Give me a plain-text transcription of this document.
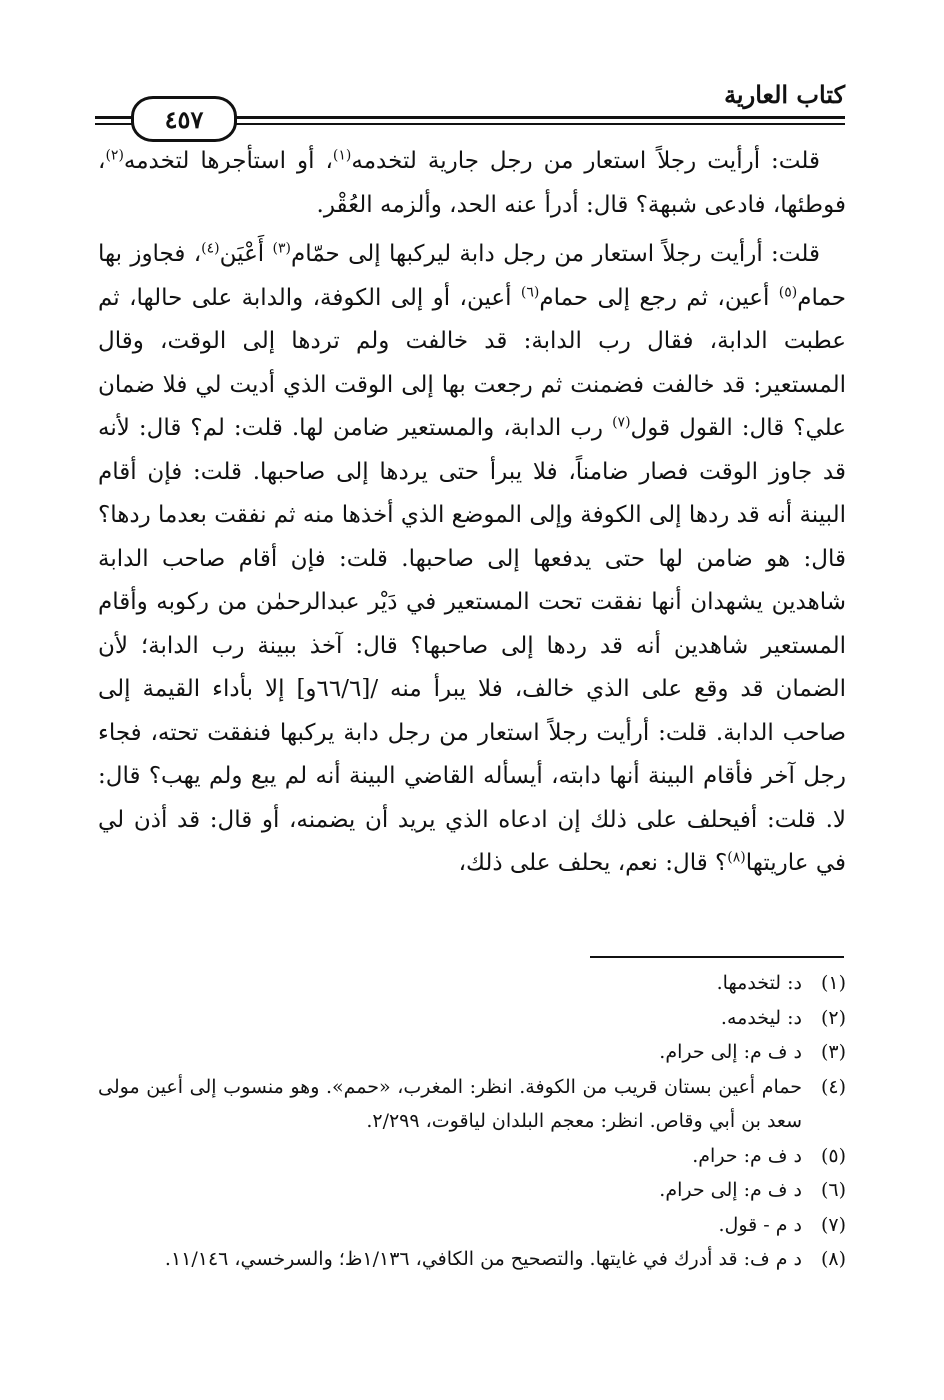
كتاب العارية
٤٥٧

قلت: أرأيت رجلاً استعار من رجل جارية لتخدمه$^{(١)}$، أو استأجرها لتخدمه$^{(٢)}$، فوطئها، فادعى شبهة؟ قال: أدرأ عنه الحد، وألزمه العُقْر.

قلت: أرأيت رجلاً استعار من رجل دابة ليركبها إلى حمّام$^{(٣)}$ أَعْيَن$^{(٤)}$، فجاوز بها حمام$^{(٥)}$ أعين، ثم رجع إلى حمام$^{(٦)}$ أعين، أو إلى الكوفة، والدابة على حالها، ثم عطبت الدابة، فقال رب الدابة: قد خالفت ولم تردها إلى الوقت، وقال المستعير: قد خالفت فضمنت ثم رجعت بها إلى الوقت الذي أديت لي فلا ضمان علي؟ قال: القول قول$^{(٧)}$ رب الدابة، والمستعير ضامن لها. قلت: لم؟ قال: لأنه قد جاوز الوقت فصار ضامناً، فلا يبرأ حتى يردها إلى صاحبها. قلت: فإن أقام البينة أنه قد ردها إلى الكوفة وإلى الموضع الذي أخذها منه ثم نفقت بعدما ردها؟ قال: هو ضامن لها حتى يدفعها إلى صاحبها. قلت: فإن أقام صاحب الدابة شاهدين يشهدان أنها نفقت تحت المستعير في دَيْر عبدالرحمٰن من ركوبه وأقام المستعير شاهدين أنه قد ردها إلى صاحبها؟ قال: آخذ ببينة رب الدابة؛ لأن الضمان قد وقع على الذي خالف، فلا يبرأ منه /[٦٦/٦و] إلا بأداء القيمة إلى صاحب الدابة. قلت: أرأيت رجلاً استعار من رجل دابة يركبها فنفقت تحته، فجاء رجل آخر فأقام البينة أنها دابته، أيسأله القاضي البينة أنه لم يبع ولم يهب؟ قال: لا. قلت: أفيحلف على ذلك إن ادعاه الذي يريد أن يضمنه، أو قال: قد أذن لي في عاريتها$^{(٨)}$؟ قال: نعم، يحلف على ذلك،

(١)
د: لتخدمها.
(٢)
د: ليخدمه.
(٣)
د ف م: إلى حرام.
(٤)
حمام أعين بستان قريب من الكوفة. انظر: المغرب، «حمم». وهو منسوب إلى أعين مولى سعد بن أبي وقاص. انظر: معجم البلدان لياقوت، ٢/٢٩٩.
(٥)
د ف م: حرام.
(٦)
د ف م: إلى حرام.
(٧)
د م - قول.
(٨)
د م ف: قد أدرك في غايتها. والتصحيح من الكافي، ١/١٣٦ظ؛ والسرخسي، ١١/١٤٦.
